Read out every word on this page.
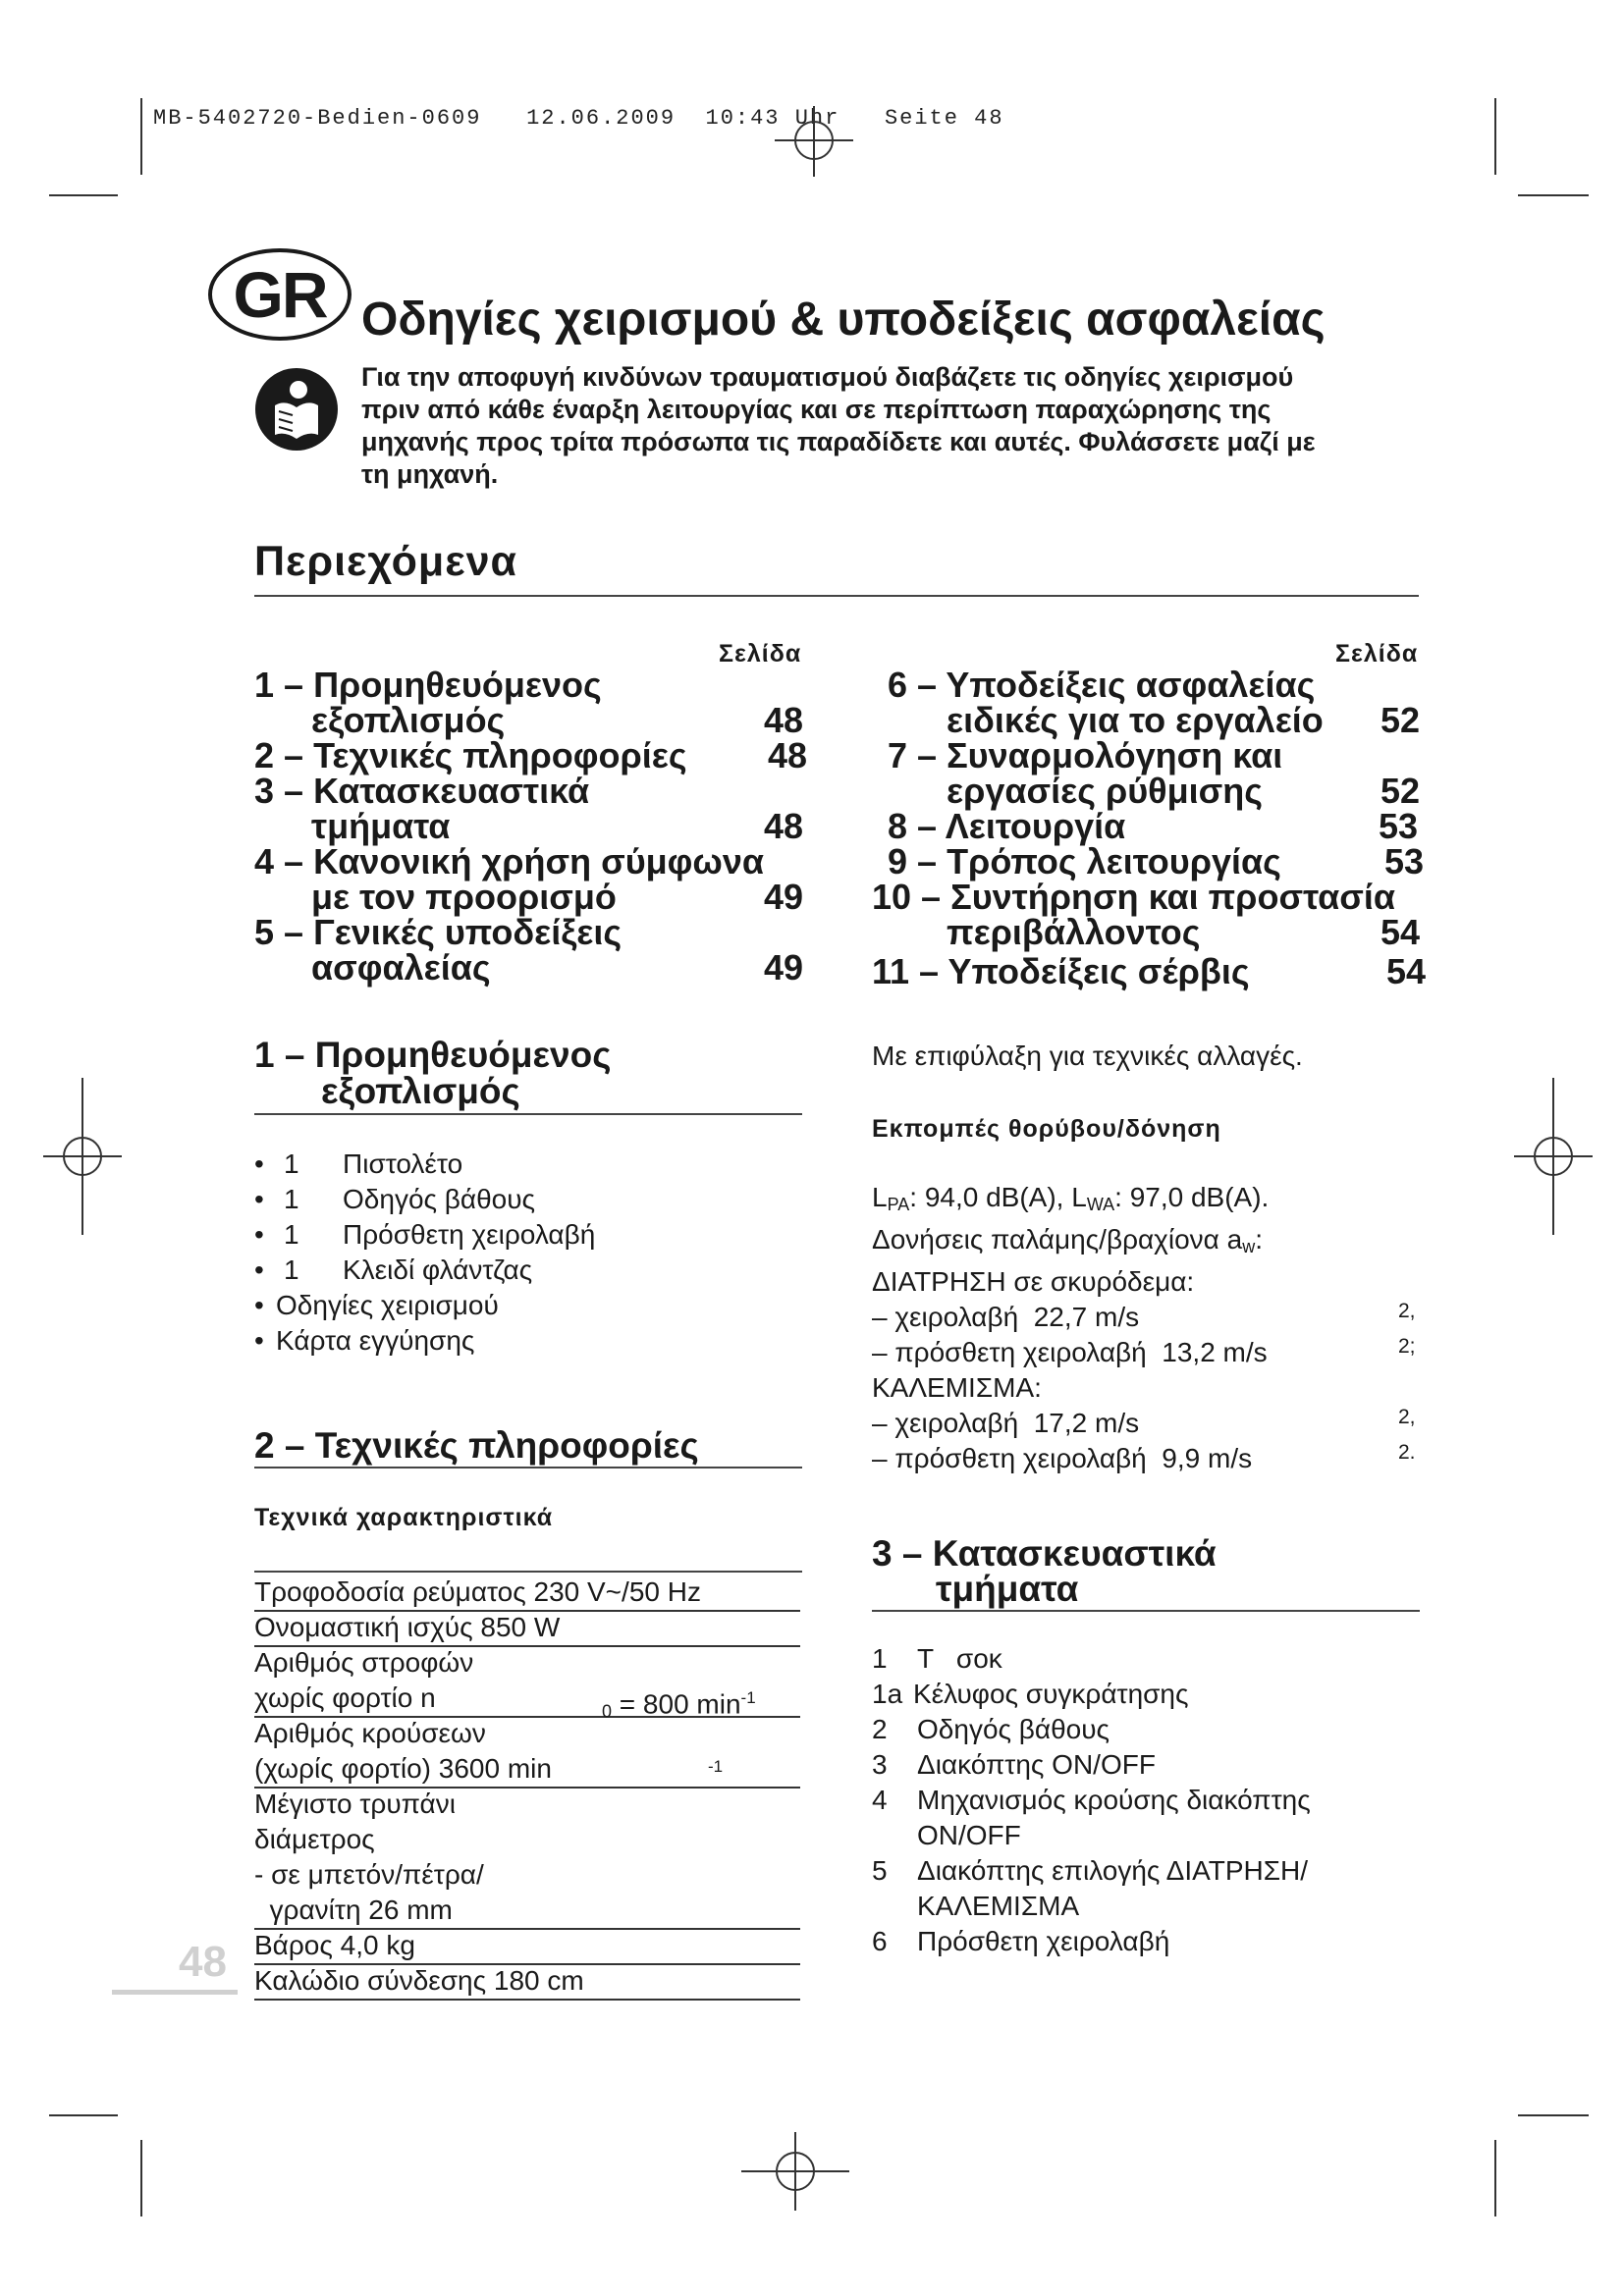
MB-5402720-Bedien-0609 12.06.2009 10:43 Uhr Seite 48
GR Οδηγίες χειρισμού & υποδείξεις ασφαλείας
Για την αποφυγή κινδύνων τραυματισμού διαβάζετε τις οδηγίες χειρισμού
πριν από κάθε έναρξη λειτουργίας και σε περίπτωση παραχώρησης της
μηχανής προς τρίτα πρόσωπα τις παραδίδετε και αυτές. Φυλάσσετε μαζί με
τη μηχανή.
Περιεχόμενα
Σελίδα	Σελίδα
1 – Προμηθευόμενος
εξοπλισμός	48
2 – Τεχνικές πληροφορίες	48
3 – Κατασκευαστικά
τμήματα	48
4 – Κανονική χρήση σύμφωνα
με τον προορισμό	49
5 – Γενικές υποδείξεις
ασφαλείας	49
6 – Υποδείξεις ασφαλείας
ειδικές για το εργαλείο	52
7 – Συναρμολόγηση και
εργασίες ρύθμισης	52
8 – Λειτουργία	53
9 – Τρόπος λειτουργίας	53
10 – Συντήρηση και προστασία
περιβάλλοντος	54
11 – Υποδείξεις σέρβις	54
1 – Προμηθευόμενος
εξοπλισμός
• 1 Πιστολέτο
• 1 Οδηγός βάθους
• 1 Πρόσθετη χειρολαβή
• 1 Κλειδί φλάντζας
• Οδηγίες χειρισμού
• Κάρτα εγγύησης
2 – Τεχνικές πληροφορίες
Τεχνικά χαρακτηριστικά
Τροφοδοσία ρεύματος 230 V~/50 Hz
Ονομαστική ισχύς 850 W
Αριθμός στροφών
χωρίς φορτίο n	$_0$ = 800 $\min^{-1}$
Αριθμός κρούσεων
(χωρίς φορτίο) 3600 min	-1
Μέγιστο τρυπάνι
διάμετρος
- σε μπετόν/πέτρα/
γρανίτη 26 mm
Βάρος 4,0 kg
Καλώδιο σύνδεσης 180 cm
48
Με επιφύλαξη για τεχνικές αλλαγές.
Εκπομπές θορύβου/δόνηση
$L_{PA}$: 94,0 dB(A), $L_{WA}$: 97,0 dB(A).
Δονήσεις παλάμης/βραχίονα $a_w$:
ΔΙΑΤΡΗΣΗ σε σκυρόδεμα:
– χειρολαβή  22,7 m/s	2,
– πρόσθετη χειρολαβή  13,2 m/s	2;
ΚΑΛΕΜΙΣΜΑ:
– χειρολαβή  17,2 m/s	2,
– πρόσθετη χειρολαβή  9,9 m/s	2.
3 – Κατασκευαστικά
τμήματα
1 Τ   σοκ
1a Κέλυφος συγκράτησης
2 Οδηγός βάθους
3 Διακόπτης ON/OFF
4 Μηχανισμός κρούσης διακόπτης
ON/OFF
5 Διακόπτης επιλογής ΔΙΑΤΡΗΣΗ/
ΚΑΛΕΜΙΣΜΑ
6 Πρόσθετη χειρολαβή
